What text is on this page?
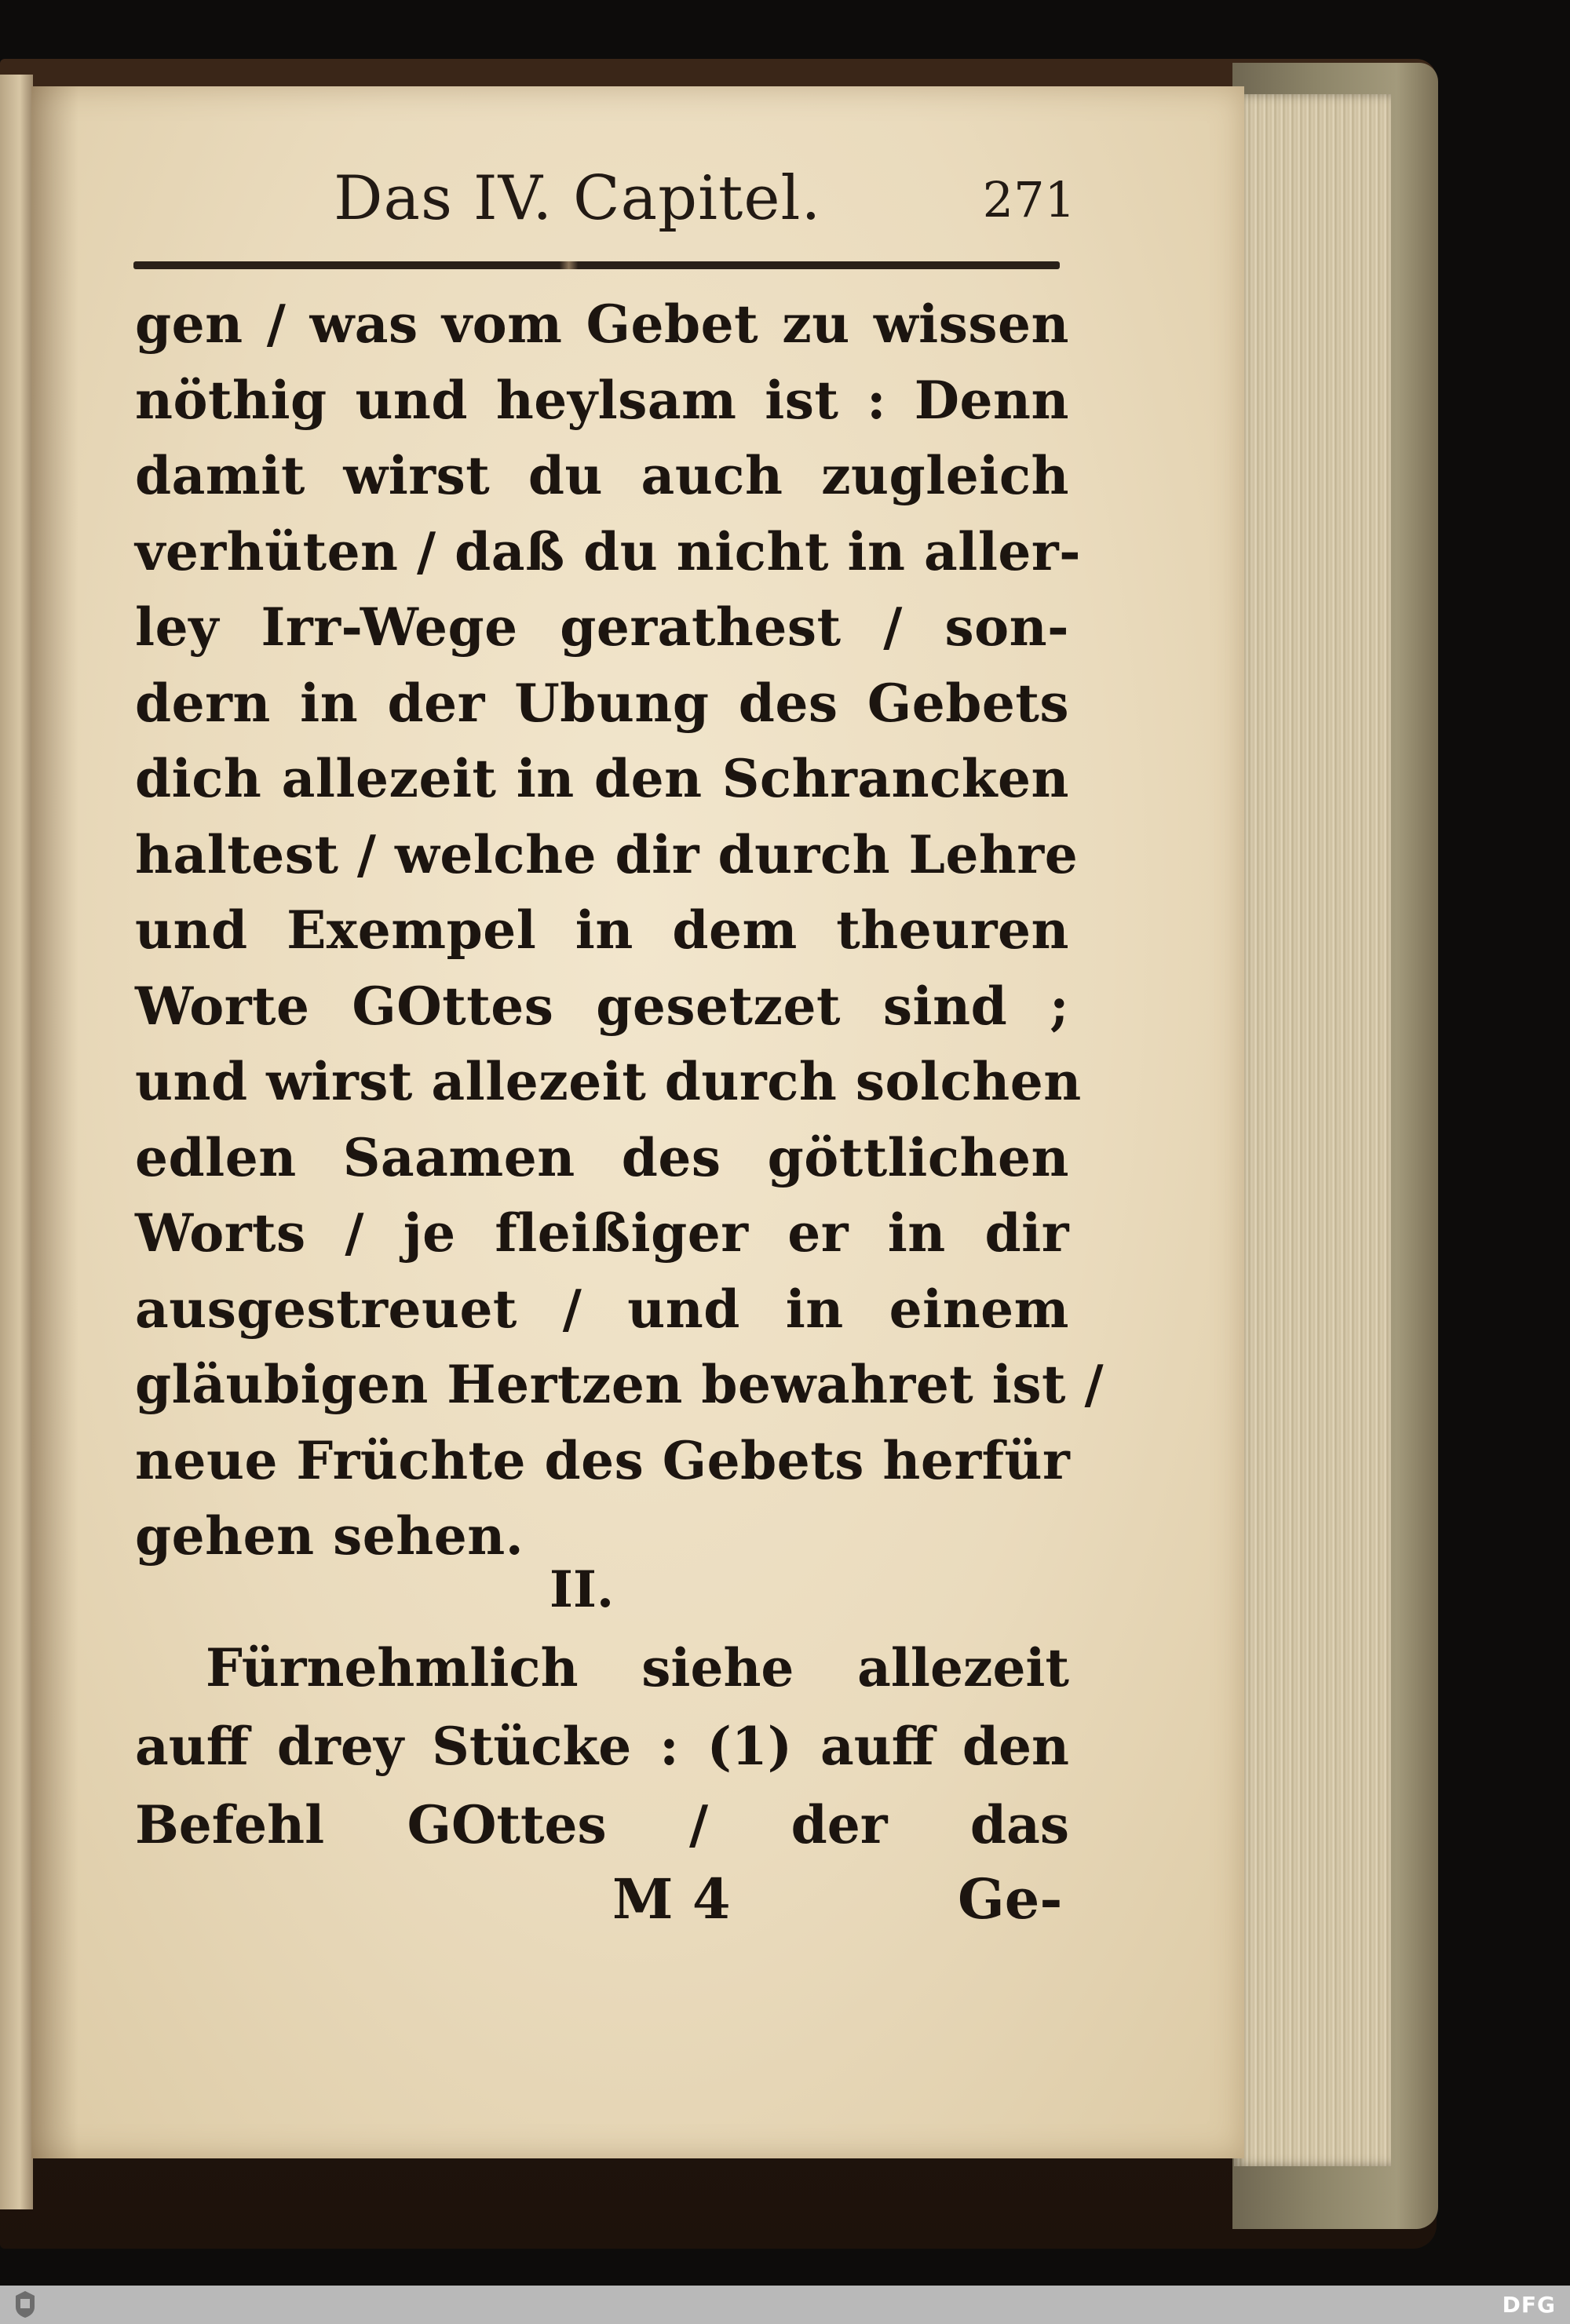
Das IV. Capitel.	271
gen / was vom Gebet zu wissen
nöthig und heylsam ist : Denn
damit wirst du auch zugleich
verhüten / daß du nicht in aller-
ley Irr-Wege gerathest / son-
dern in der Ubung des Gebets
dich allezeit in den Schrancken
haltest / welche dir durch Lehre
und Exempel in dem theuren
Worte GOttes gesetzet sind ;
und wirst allezeit durch solchen
edlen Saamen des göttlichen
Worts / je fleißiger er in dir
ausgestreuet / und in einem
gläubigen Hertzen bewahret ist /
neue Früchte des Gebets herfür
gehen sehen.
II.
Fürnehmlich siehe allezeit
auff drey Stücke : (1) auff den
Befehl GOttes / der das
M 4	Ge-
DFG
